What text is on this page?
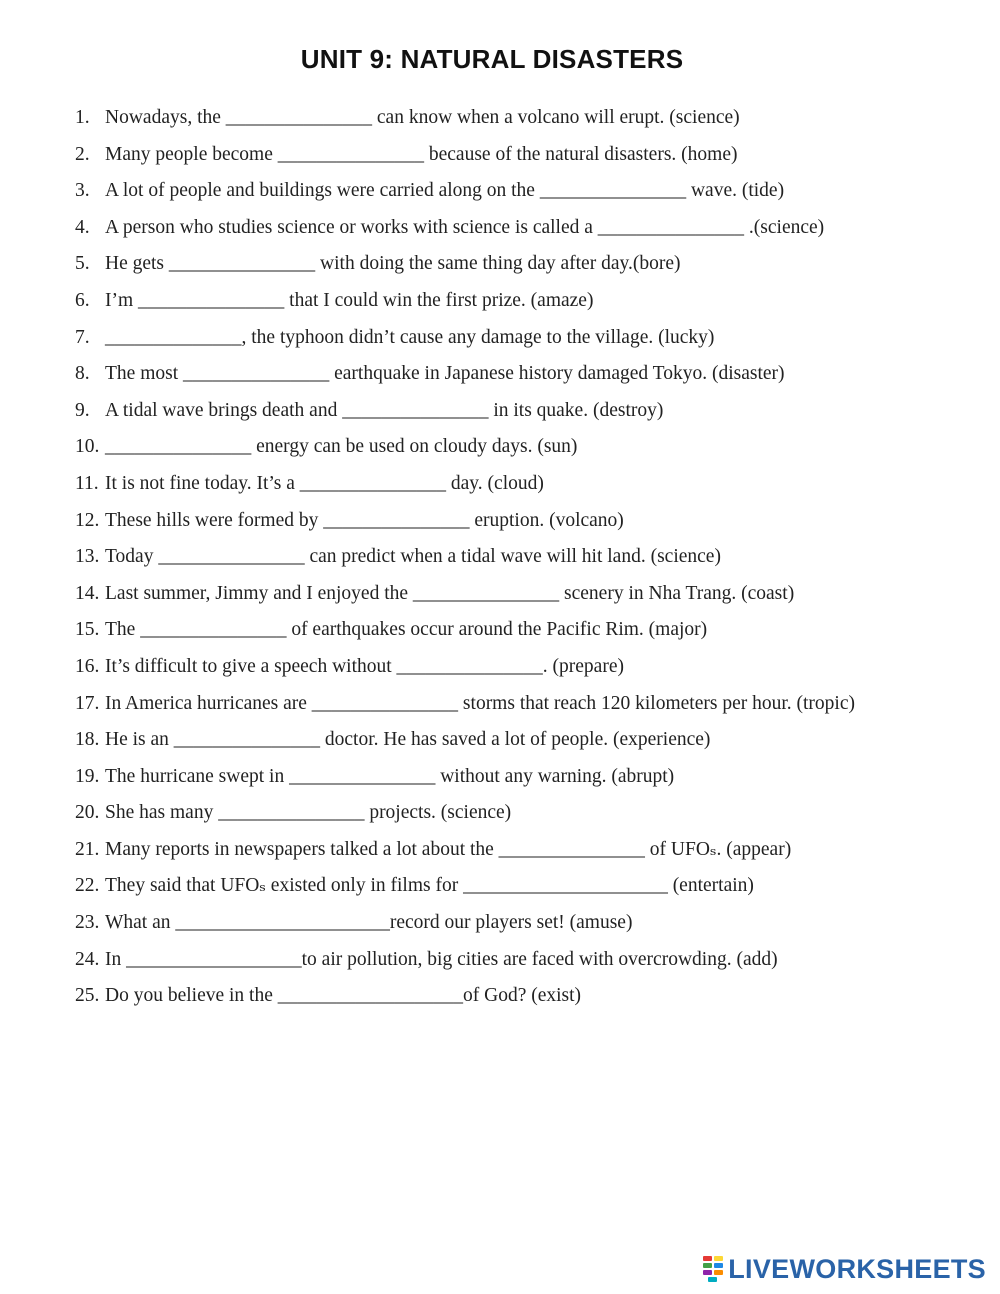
UNIT 9: NATURAL DISASTERS
1. Nowadays, the _______________ can know when a volcano will erupt. (science)
2. Many people become _______________ because of the natural disasters. (home)
3. A lot of people and buildings were carried along on the _______________ wave. (tide)
4. A person who studies science or works with science is called a _______________ .(science)
5. He gets _______________ with doing the same thing day after day.(bore)
6. I’m _______________ that I could win the first prize. (amaze)
7. ______________, the typhoon didn’t cause any damage to the village. (lucky)
8. The most _______________ earthquake in Japanese history damaged Tokyo. (disaster)
9. A tidal wave brings death and _______________ in its quake. (destroy)
10. _______________ energy can be used on cloudy days. (sun)
11. It is not fine today. It’s a _______________ day. (cloud)
12. These hills were formed by _______________ eruption. (volcano)
13. Today _______________ can predict when a tidal wave will hit land. (science)
14. Last summer, Jimmy and I enjoyed the _______________ scenery in Nha Trang. (coast)
15. The _______________ of earthquakes occur around the Pacific Rim. (major)
16. It’s difficult to give a speech without _______________. (prepare)
17. In America hurricanes are _______________ storms that reach 120 kilometers per hour. (tropic)
18. He is an _______________ doctor. He has saved a lot of people. (experience)
19. The hurricane swept in _______________ without any warning. (abrupt)
20. She has many _______________ projects. (science)
21. Many reports in newspapers talked a lot about the _______________ of UFOₛ. (appear)
22. They said that UFOₛ existed only in films for _____________________ (entertain)
23. What an ______________________record our players set! (amuse)
24. In __________________to air pollution, big cities are faced with overcrowding. (add)
25. Do you believe in the ___________________of God? (exist)
LIVEWORKSHEETS
